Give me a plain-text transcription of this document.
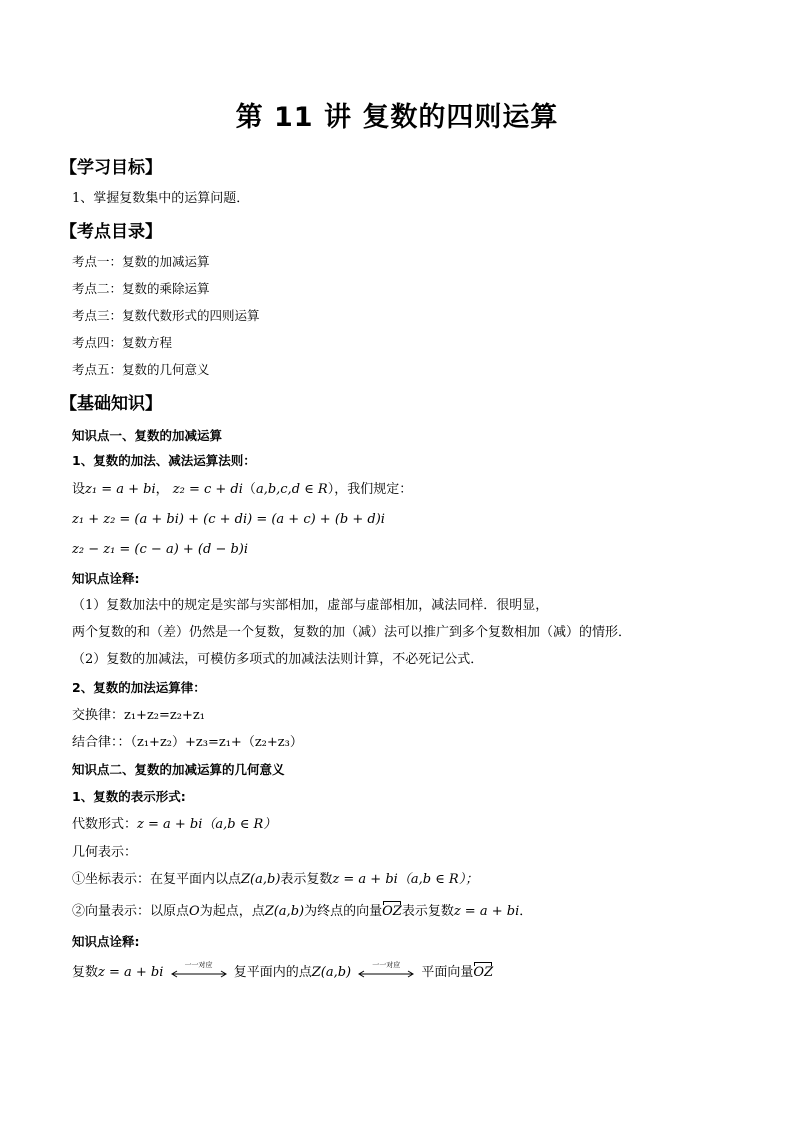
第 11 讲 复数的四则运算
【学习目标】
1、掌握复数集中的运算问题．
【考点目录】
考点一：复数的加减运算
考点二：复数的乘除运算
考点三：复数代数形式的四则运算
考点四：复数方程
考点五：复数的几何意义
【基础知识】
知识点一、复数的加减运算
1、复数的加法、减法运算法则：
设z₁ = a + bi， z₂ = c + di（a,b,c,d ∈ R），我们规定：
z₁ + z₂ = (a + bi) + (c + di) = (a + c) + (b + d)i
z₂ − z₁ = (c − a) + (d − b)i
知识点诠释:
（1）复数加法中的规定是实部与实部相加，虚部与虚部相加，减法同样．很明显，
两个复数的和（差）仍然是一个复数，复数的加（减）法可以推广到多个复数相加（减）的情形．
（2）复数的加减法，可模仿多项式的加减法法则计算，不必死记公式．
2、复数的加法运算律：
交换律：z₁+z₂=z₂+z₁
结合律：：（z₁+z₂）+z₃=z₁+（z₂+z₃）
知识点二、复数的加减运算的几何意义
1、复数的表示形式:
代数形式：z = a + bi（a,b ∈ R）
几何表示：
①坐标表示：在复平面内以点Z(a,b)表示复数z = a + bi（a,b ∈ R）；
②向量表示：以原点O为起点，点Z(a,b)为终点的向量OZ表示复数z = a + bi．
知识点诠释:
复数z = a + bi
一一对应
复平面内的点Z(a,b)
一一对应
平面向量OZ
